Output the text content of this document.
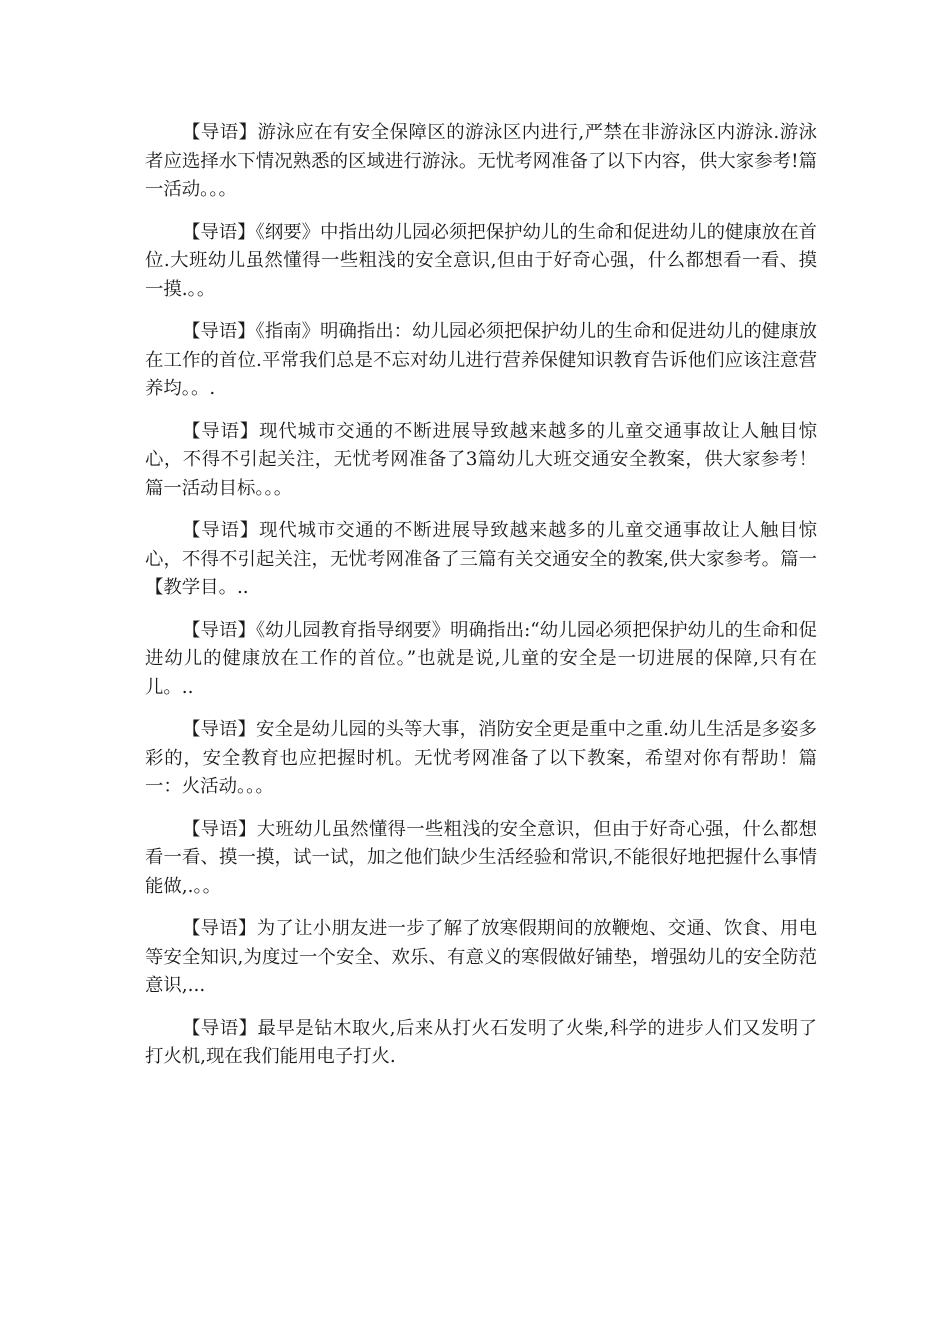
【导语】游泳应在有安全保障区的游泳区内进行,严禁在非游泳区内游泳.游泳者应选择水下情况熟悉的区域进行游泳。无忧考网准备了以下内容，供大家参考!篇一活动。。。

【导语】《纲要》中指出幼儿园必须把保护幼儿的生命和促进幼儿的健康放在首位.大班幼儿虽然懂得一些粗浅的安全意识,但由于好奇心强，什么都想看一看、摸一摸.。。

【导语】《指南》明确指出：幼儿园必须把保护幼儿的生命和促进幼儿的健康放在工作的首位.平常我们总是不忘对幼儿进行营养保健知识教育告诉他们应该注意营养均。。.

【导语】现代城市交通的不断进展导致越来越多的儿童交通事故让人触目惊心，不得不引起关注，无忧考网准备了3篇幼儿大班交通安全教案，供大家参考！篇一活动目标。。。

【导语】现代城市交通的不断进展导致越来越多的儿童交通事故让人触目惊心，不得不引起关注，无忧考网准备了三篇有关交通安全的教案,供大家参考。篇一【教学目。..

【导语】《幼儿园教育指导纲要》明确指出:“幼儿园必须把保护幼儿的生命和促进幼儿的健康放在工作的首位。”也就是说,儿童的安全是一切进展的保障,只有在儿。..

【导语】安全是幼儿园的头等大事，消防安全更是重中之重.幼儿生活是多姿多彩的，安全教育也应把握时机。无忧考网准备了以下教案，希望对你有帮助！篇一：火活动。。。

【导语】大班幼儿虽然懂得一些粗浅的安全意识，但由于好奇心强，什么都想看一看、摸一摸，试一试，加之他们缺少生活经验和常识,不能很好地把握什么事情能做,.。。

【导语】为了让小朋友进一步了解了放寒假期间的放鞭炮、交通、饮食、用电等安全知识,为度过一个安全、欢乐、有意义的寒假做好铺垫，增强幼儿的安全防范意识,...

【导语】最早是钻木取火,后来从打火石发明了火柴,科学的进步人们又发明了打火机,现在我们能用电子打火.
